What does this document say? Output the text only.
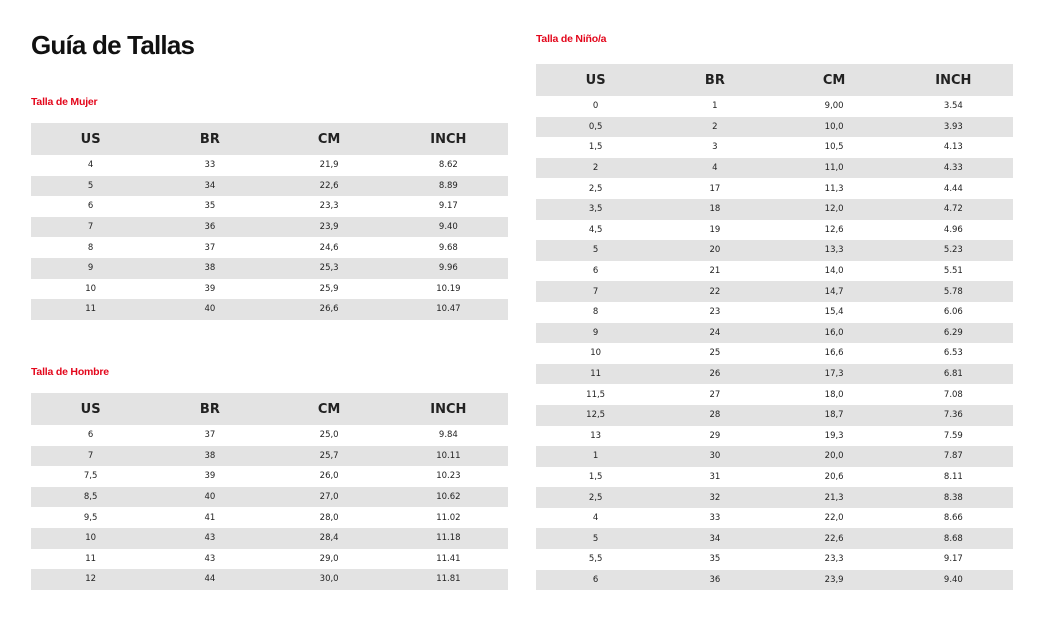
Guía de Tallas
Talla de Mujer
US	BR	CM	INCH
4	33	21,9	8.62
5	34	22,6	8.89
6	35	23,3	9.17
7	36	23,9	9.40
8	37	24,6	9.68
9	38	25,3	9.96
10	39	25,9	10.19
11	40	26,6	10.47
Talla de Hombre
US	BR	CM	INCH
6	37	25,0	9.84
7	38	25,7	10.11
7,5	39	26,0	10.23
8,5	40	27,0	10.62
9,5	41	28,0	11.02
10	43	28,4	11.18
11	43	29,0	11.41
12	44	30,0	11.81
Talla de Niño/a
US	BR	CM	INCH
0	1	9,00	3.54
0,5	2	10,0	3.93
1,5	3	10,5	4.13
2	4	11,0	4.33
2,5	17	11,3	4.44
3,5	18	12,0	4.72
4,5	19	12,6	4.96
5	20	13,3	5.23
6	21	14,0	5.51
7	22	14,7	5.78
8	23	15,4	6.06
9	24	16,0	6.29
10	25	16,6	6.53
11	26	17,3	6.81
11,5	27	18,0	7.08
12,5	28	18,7	7.36
13	29	19,3	7.59
1	30	20,0	7.87
1,5	31	20,6	8.11
2,5	32	21,3	8.38
4	33	22,0	8.66
5	34	22,6	8.68
5,5	35	23,3	9.17
6	36	23,9	9.40
